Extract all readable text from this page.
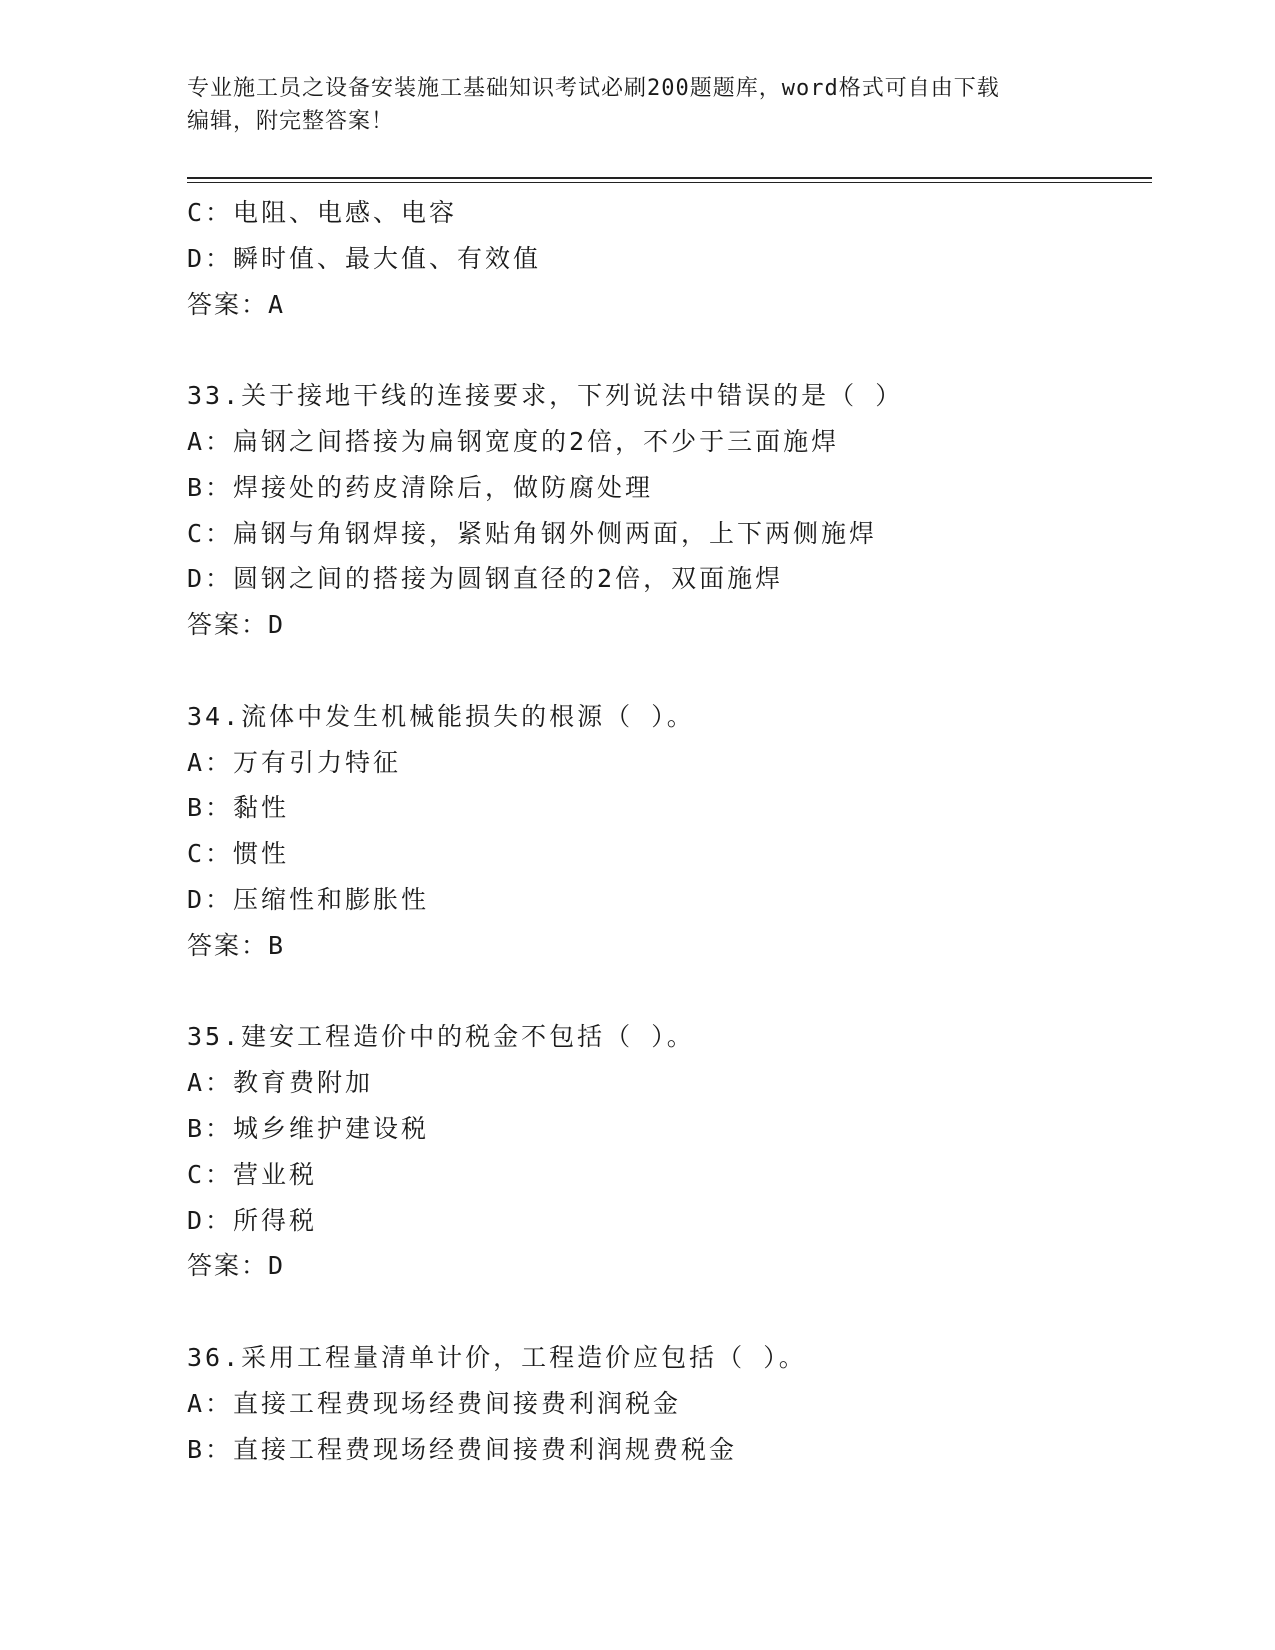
专业施工员之设备安装施工基础知识考试必刷200题题库，word格式可自由下载
编辑，附完整答案！
C：电阻、电感、电容
D：瞬时值、最大值、有效值
答案：A
33.关于接地干线的连接要求，下列说法中错误的是（ ）
A：扁钢之间搭接为扁钢宽度的2倍，不少于三面施焊
B：焊接处的药皮清除后，做防腐处理
C：扁钢与角钢焊接，紧贴角钢外侧两面，上下两侧施焊
D：圆钢之间的搭接为圆钢直径的2倍，双面施焊
答案：D
34.流体中发生机械能损失的根源（ ）。
A：万有引力特征
B：黏性
C：惯性
D：压缩性和膨胀性
答案：B
35.建安工程造价中的税金不包括（ ）。
A：教育费附加
B：城乡维护建设税
C：营业税
D：所得税
答案：D
36.采用工程量清单计价，工程造价应包括（ ）。
A：直接工程费现场经费间接费利润税金
B：直接工程费现场经费间接费利润规费税金
